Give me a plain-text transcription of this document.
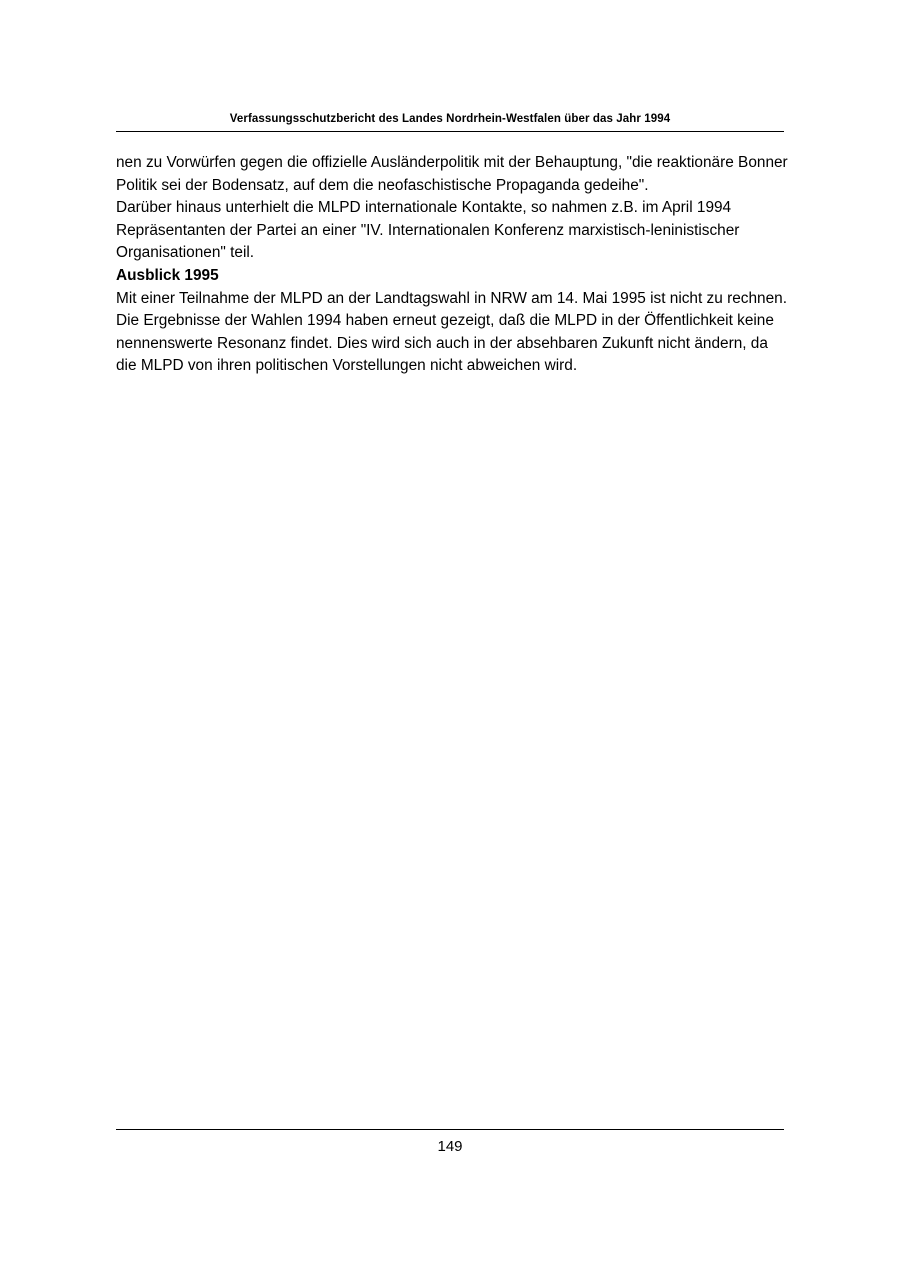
Verfassungsschutzbericht des Landes Nordrhein-Westfalen über das Jahr 1994

nen zu Vorwürfen gegen die offizielle Ausländerpolitik mit der Behauptung, "die reaktionäre Bonner Politik sei der Bodensatz, auf dem die neofaschistische Propaganda gedeihe".

Darüber hinaus unterhielt die MLPD internationale Kontakte, so nahmen z.B. im April 1994 Repräsentanten der Partei an einer "IV. Internationalen Konferenz marxistisch-leninistischer Organisationen" teil.

Ausblick 1995

Mit einer Teilnahme der MLPD an der Landtagswahl in NRW am 14. Mai 1995 ist nicht zu rechnen.

Die Ergebnisse der Wahlen 1994 haben erneut gezeigt, daß die MLPD in der Öffentlichkeit keine nennenswerte Resonanz findet. Dies wird sich auch in der absehbaren Zukunft nicht ändern, da die MLPD von ihren politischen Vorstellungen nicht abweichen wird.

149
